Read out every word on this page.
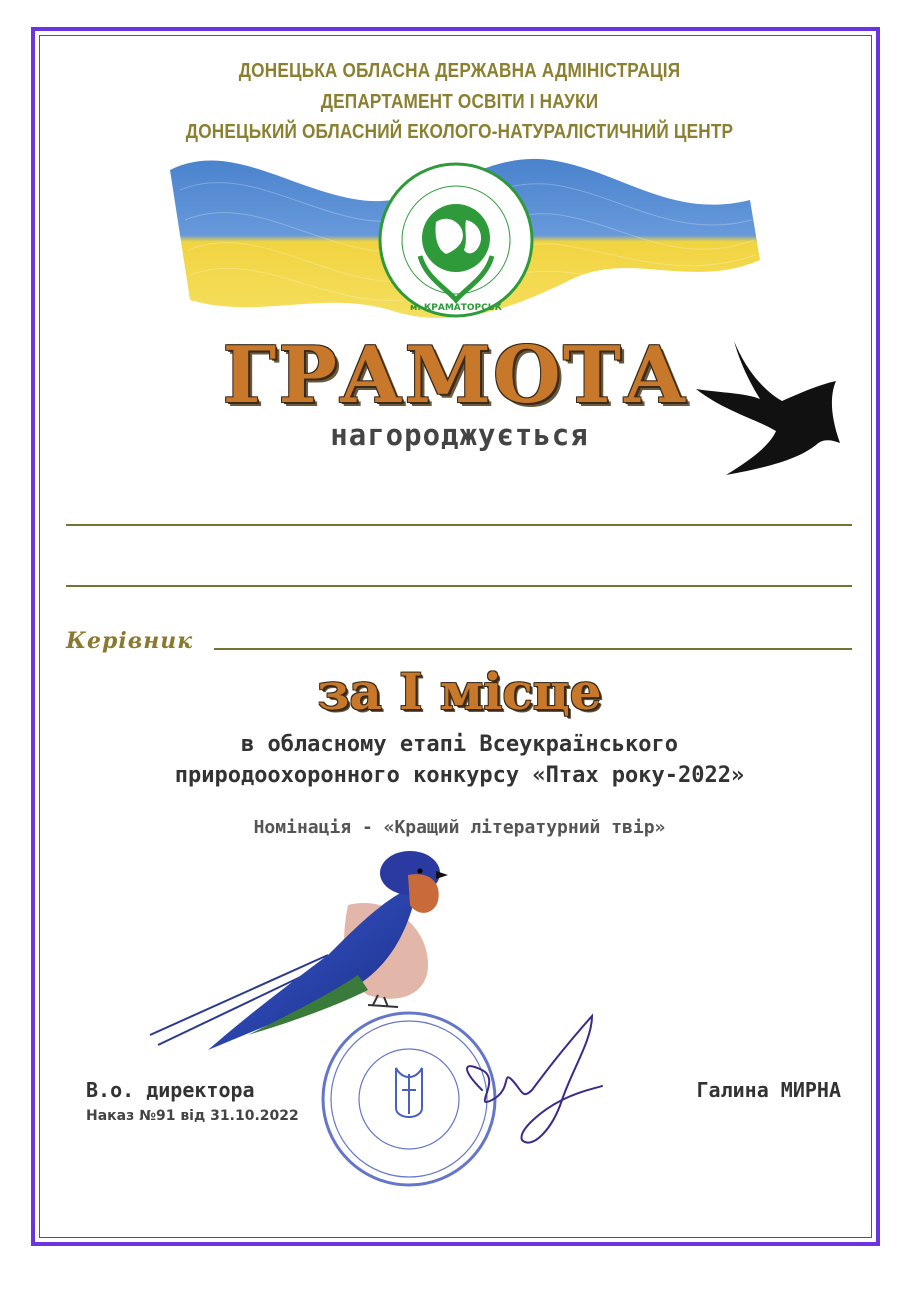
ДОНЕЦЬКА ОБЛАСНА ДЕРЖАВНА АДМІНІСТРАЦІЯ
ДЕПАРТАМЕНТ ОСВІТИ І НАУКИ
ДОНЕЦЬКИЙ ОБЛАСНИЙ ЕКОЛОГО-НАТУРАЛІСТИЧНИЙ ЦЕНТР
м. КРАМАТОРСЬК
ГРАМОТА
нагороджується
Керівник
за I місце
в обласному етапі Всеукраїнського
природоохоронного конкурсу «Птах року-2022»
Номінація - «Кращий літературний твір»
В.о. директора
Наказ №91 від 31.10.2022
Галина МИРНА
